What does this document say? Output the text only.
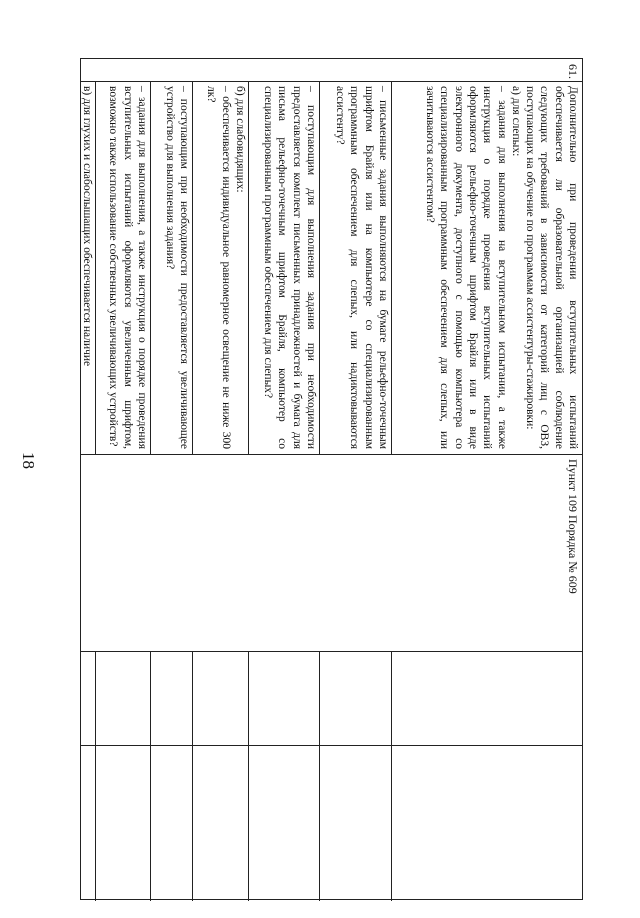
18
61.
Пункт 109 Порядка № 609

Дополнительно при проведении вступительных испытаний обеспечивается ли образовательной организацией соблюдение следующих требований в зависимости от категорий лиц с ОВЗ, поступающих на обучение по программам ассистентуры-стажировки:

а) для слепых:

– задания для выполнения на вступительном испытании, а также инструкция о порядке проведения вступительных испытаний оформляются рельефно-точечным шрифтом Брайля или в виде электронного документа, доступного с помощью компьютера со специализированным программным обеспечением для слепых, или зачитываются ассистентом?

– письменные задания выполняются на бумаге рельефно-точечным шрифтом Брайля или на компьютере со специализированным программным обеспечением для слепых, или надиктовываются ассистенту?

– поступающим для выполнения задания при необходимости предоставляется комплект письменных принадлежностей и бумага для письма рельефно-точечным шрифтом Брайля, компьютер со специализированным программным обеспечением для слепых?

б) для слабовидящих:

– обеспечивается индивидуальное равномерное освещение не ниже 300 лк?

– поступающим при необходимости предоставляется увеличивающее устройство для выполнения задания?

– задания для выполнения, а также инструкция о порядке проведения вступительных испытаний оформляются увеличенным шрифтом, возможно также использование собственных увеличивающих устройств?

в) для глухих и слабослышащих обеспечивается наличие
